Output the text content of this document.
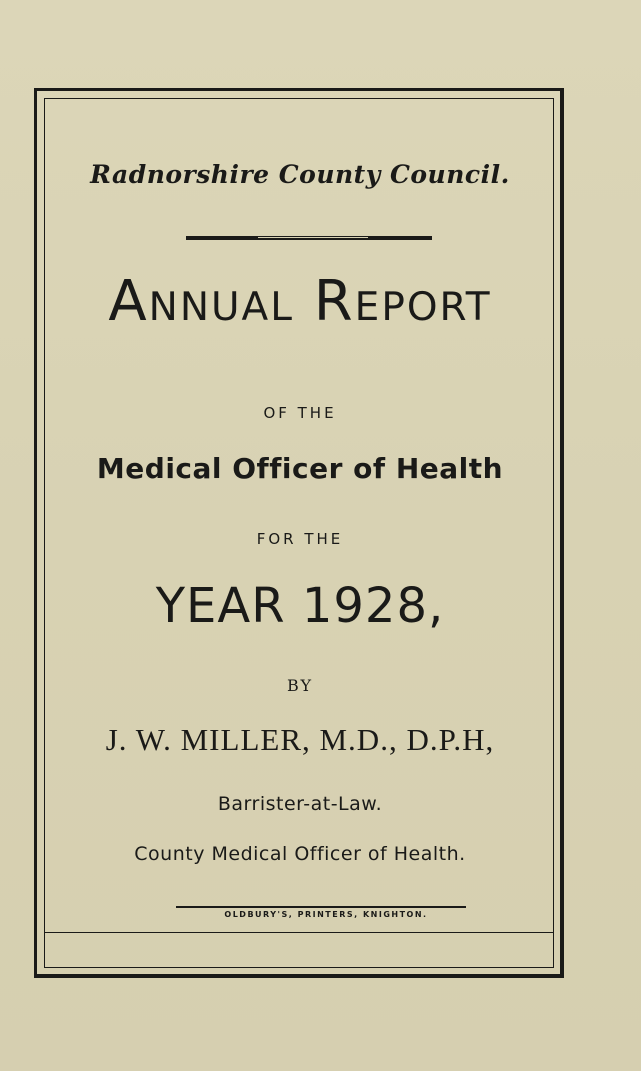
Radnorshire County Council.
Annual Report
OF THE
Medical Officer of Health
FOR THE
YEAR 1928,
BY
J. W. MILLER, M.D., D.P.H,
Barrister-at-Law.
County Medical Officer of Health.
OLDBURY'S, PRINTERS, KNIGHTON.
